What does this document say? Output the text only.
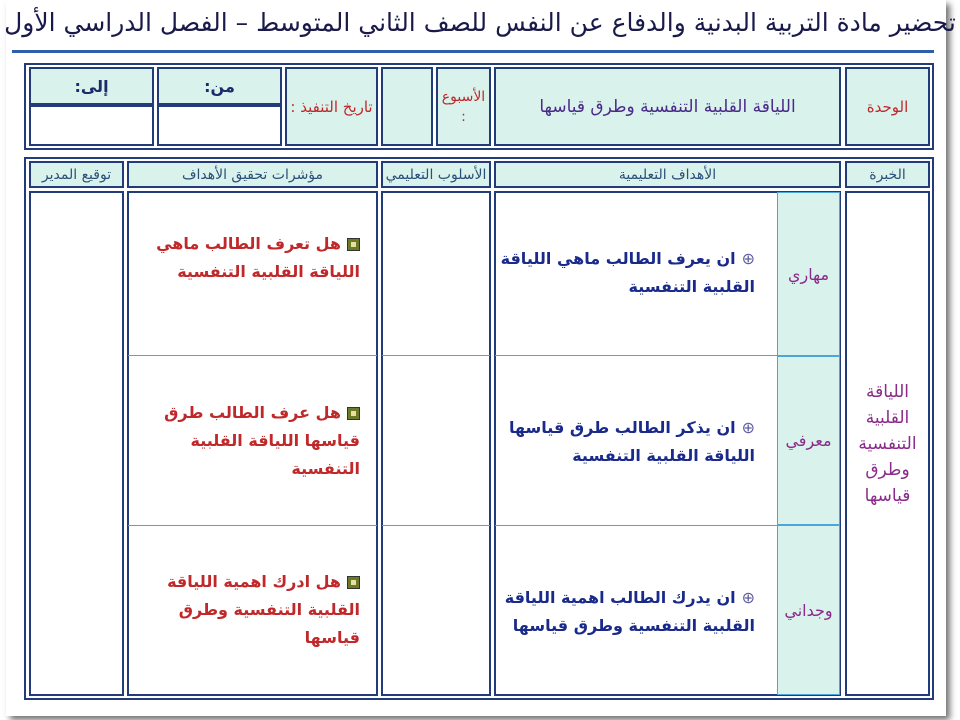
تحضير مادة التربية البدنية والدفاع عن النفس للصف الثاني المتوسط – الفصل الدراسي الأول
الوحدة
اللياقة القلبية التنفسية وطرق قياسها
الأسبوع :
تاريخ التنفيذ :
من:
إلى:
الخبرة
الأهداف التعليمية
الأسلوب التعليمي
مؤشرات تحقيق الأهداف
توقيع المدير
اللياقة القلبية التنفسية وطرق قياسها
مهاري
معرفي
وجداني
⊕ان يعرف الطالب ماهي اللياقة القلبية التنفسية
⊕ان يذكر الطالب طرق قياسها اللياقة القلبية التنفسية
⊕ان يدرك الطالب اهمية اللياقة القلبية التنفسية وطرق قياسها
هل تعرف الطالب ماهي اللياقة القلبية التنفسية
هل عرف الطالب طرق قياسها اللياقة القلبية التنفسية
هل ادرك اهمية اللياقة القلبية التنفسية وطرق قياسها
